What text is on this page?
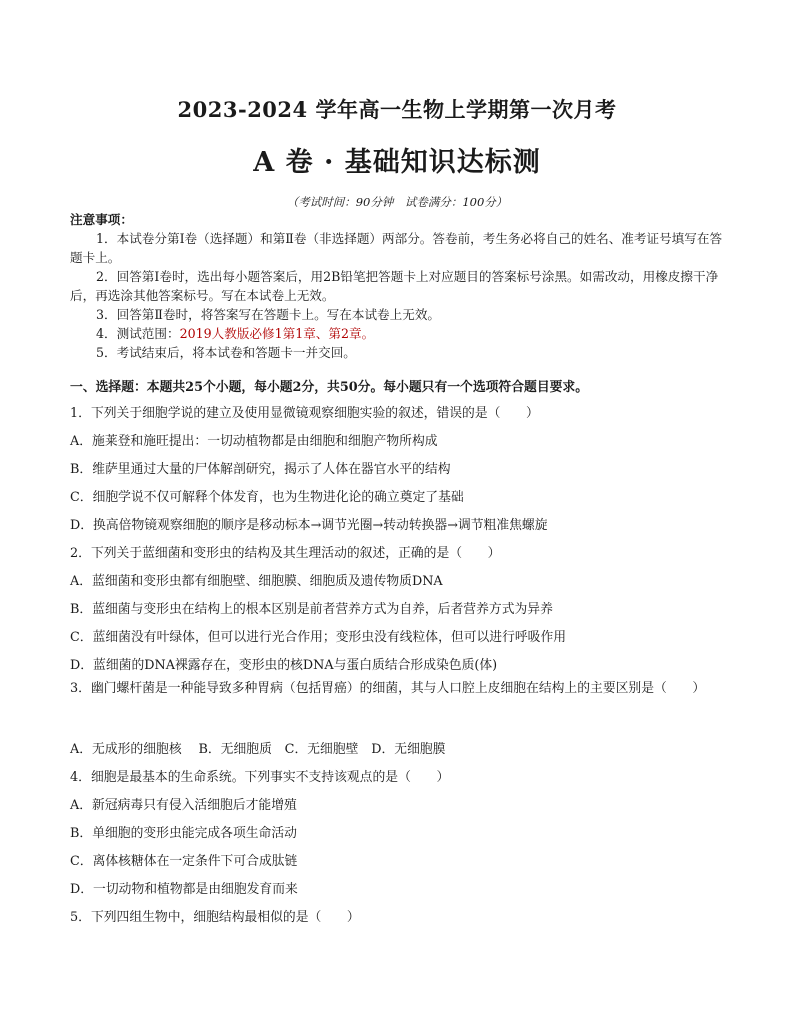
2023-2024 学年高一生物上学期第一次月考
A 卷 · 基础知识达标测
（考试时间：90分钟　试卷满分：100分）
注意事项：
1．本试卷分第Ⅰ卷（选择题）和第Ⅱ卷（非选择题）两部分。答卷前，考生务必将自己的姓名、准考证号填写在答题卡上。
2．回答第Ⅰ卷时，选出每小题答案后，用2B铅笔把答题卡上对应题目的答案标号涂黑。如需改动，用橡皮擦干净后，再选涂其他答案标号。写在本试卷上无效。
3．回答第Ⅱ卷时，将答案写在答题卡上。写在本试卷上无效。
4．测试范围：2019人教版必修1第1章、第2章。
5．考试结束后，将本试卷和答题卡一并交回。
一、选择题：本题共25个小题，每小题2分，共50分。每小题只有一个选项符合题目要求。
1．下列关于细胞学说的建立及使用显微镜观察细胞实验的叙述，错误的是（　　）
A．施莱登和施旺提出：一切动植物都是由细胞和细胞产物所构成
B．维萨里通过大量的尸体解剖研究，揭示了人体在器官水平的结构
C．细胞学说不仅可解释个体发育，也为生物进化论的确立奠定了基础
D．换高倍物镜观察细胞的顺序是移动标本→调节光圈→转动转换器→调节粗准焦螺旋
2．下列关于蓝细菌和变形虫的结构及其生理活动的叙述，正确的是（　　）
A．蓝细菌和变形虫都有细胞壁、细胞膜、细胞质及遗传物质DNA
B．蓝细菌与变形虫在结构上的根本区别是前者营养方式为自养，后者营养方式为异养
C．蓝细菌没有叶绿体，但可以进行光合作用；变形虫没有线粒体，但可以进行呼吸作用
D．蓝细菌的DNA裸露存在，变形虫的核DNA与蛋白质结合形成染色质(体)
3．幽门螺杆菌是一种能导致多种胃病（包括胃癌）的细菌，其与人口腔上皮细胞在结构上的主要区别是（　　）
A．无成形的细胞核　 B．无细胞质　C．无细胞壁　D．无细胞膜
4．细胞是最基本的生命系统。下列事实不支持该观点的是（　　）
A．新冠病毒只有侵入活细胞后才能增殖
B．单细胞的变形虫能完成各项生命活动
C．离体核糖体在一定条件下可合成肽链
D．一切动物和植物都是由细胞发育而来
5．下列四组生物中，细胞结构最相似的是（　　）
